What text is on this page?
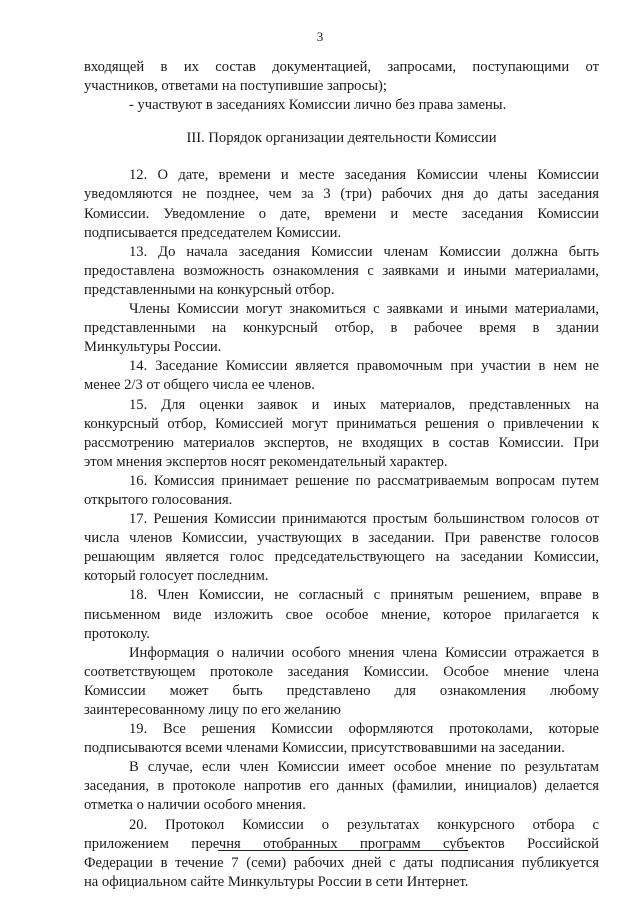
3
входящей в их состав документацией, запросами, поступающими от
участников, ответами на поступившие запросы);
- участвуют в заседаниях Комиссии лично без права замены.
III. Порядок организации деятельности Комиссии
12. О дате, времени и месте заседания Комиссии члены Комиссии
уведомляются не позднее, чем за 3 (три) рабочих дня до даты заседания
Комиссии. Уведомление о дате, времени и месте заседания Комиссии
подписывается председателем Комиссии.
13. До начала заседания Комиссии членам Комиссии должна быть
предоставлена возможность ознакомления с заявками и иными материалами,
представленными на конкурсный отбор.
Члены Комиссии могут знакомиться с заявками и иными материалами,
представленными на конкурсный отбор, в рабочее время в здании
Минкультуры России.
14. Заседание Комиссии является правомочным при участии в нем не
менее 2/3 от общего числа ее членов.
15. Для оценки заявок и иных материалов, представленных на
конкурсный отбор, Комиссией могут приниматься решения о привлечении к
рассмотрению материалов экспертов, не входящих в состав Комиссии. При
этом мнения экспертов носят рекомендательный характер.
16. Комиссия принимает решение по рассматриваемым вопросам путем
открытого голосования.
17. Решения Комиссии принимаются простым большинством голосов от
числа членов Комиссии, участвующих в заседании. При равенстве голосов
решающим является голос председательствующего на заседании Комиссии,
который голосует последним.
18. Член Комиссии, не согласный с принятым решением, вправе в
письменном виде изложить свое особое мнение, которое прилагается к
протоколу.
Информация о наличии особого мнения члена Комиссии отражается в
соответствующем протоколе заседания Комиссии. Особое мнение члена
Комиссии может быть представлено для ознакомления любому
заинтересованному лицу по его желанию
19. Все решения Комиссии оформляются протоколами, которые
подписываются всеми членами Комиссии, присутствовавшими на заседании.
В случае, если член Комиссии имеет особое мнение по результатам
заседания, в протоколе напротив его данных (фамилии, инициалов) делается
отметка о наличии особого мнения.
20. Протокол Комиссии о результатах конкурсного отбора с
приложением перечня отобранных программ субъектов Российской
Федерации в течение 7 (семи) рабочих дней с даты подписания публикуется
на официальном сайте Минкультуры России в сети Интернет.
